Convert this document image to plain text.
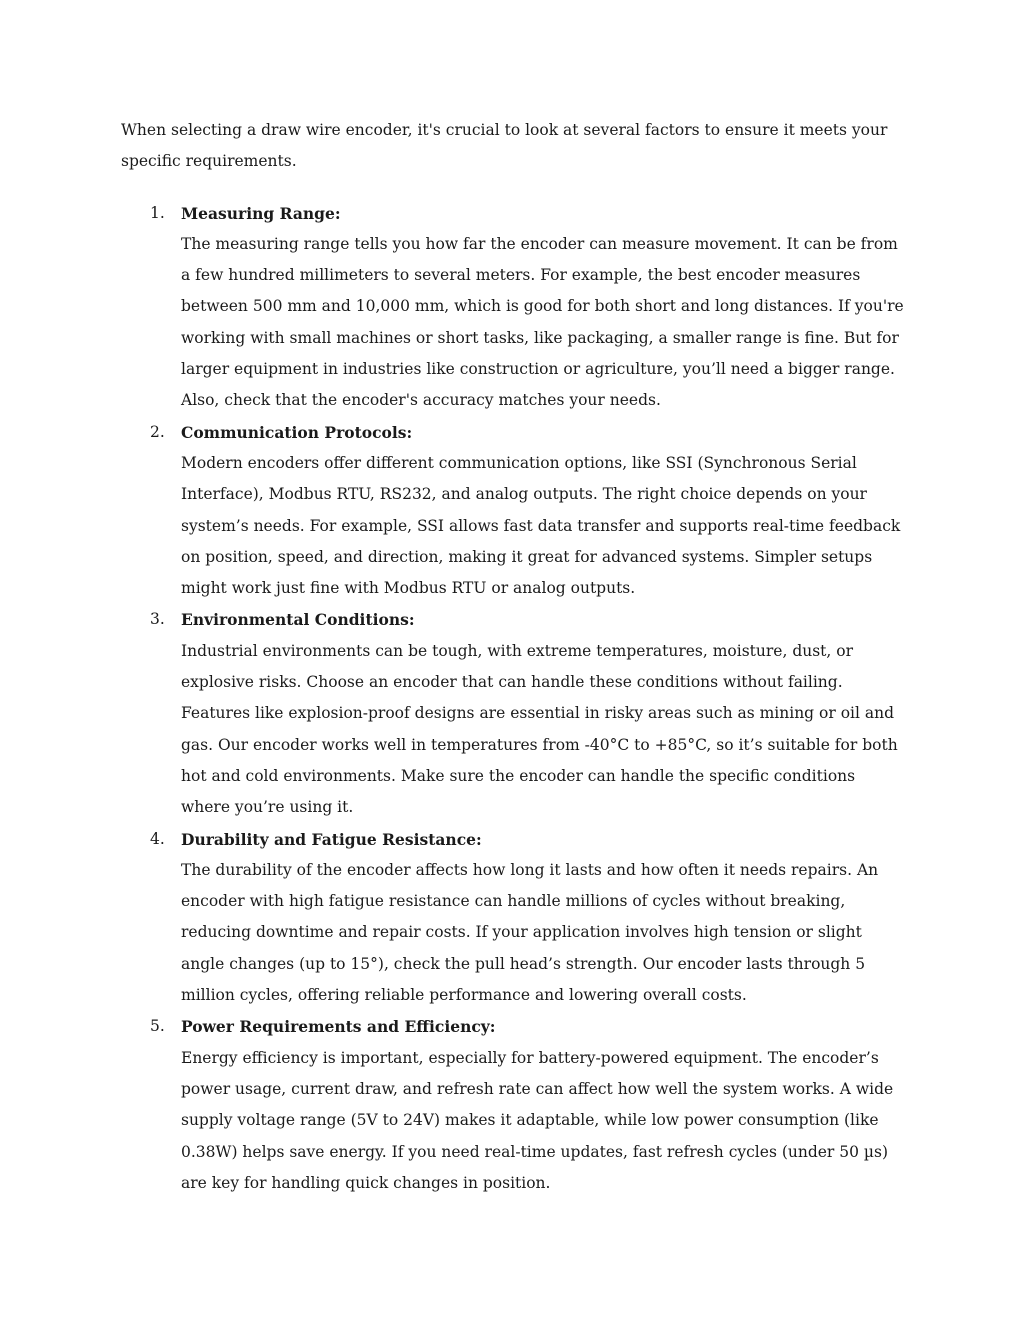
When selecting a draw wire encoder, it's crucial to look at several factors to ensure it meets your specific requirements.

1. Measuring Range:
The measuring range tells you how far the encoder can measure movement. It can be from a few hundred millimeters to several meters. For example, the best encoder measures between 500 mm and 10,000 mm, which is good for both short and long distances. If you're working with small machines or short tasks, like packaging, a smaller range is fine. But for larger equipment in industries like construction or agriculture, you’ll need a bigger range. Also, check that the encoder's accuracy matches your needs.
2. Communication Protocols:
Modern encoders offer different communication options, like SSI (Synchronous Serial Interface), Modbus RTU, RS232, and analog outputs. The right choice depends on your system’s needs. For example, SSI allows fast data transfer and supports real-time feedback on position, speed, and direction, making it great for advanced systems. Simpler setups might work just fine with Modbus RTU or analog outputs.
3. Environmental Conditions:
Industrial environments can be tough, with extreme temperatures, moisture, dust, or explosive risks. Choose an encoder that can handle these conditions without failing. Features like explosion-proof designs are essential in risky areas such as mining or oil and gas. Our encoder works well in temperatures from -40°C to +85°C, so it’s suitable for both hot and cold environments. Make sure the encoder can handle the specific conditions where you’re using it.
4. Durability and Fatigue Resistance:
The durability of the encoder affects how long it lasts and how often it needs repairs. An encoder with high fatigue resistance can handle millions of cycles without breaking, reducing downtime and repair costs. If your application involves high tension or slight angle changes (up to 15°), check the pull head’s strength. Our encoder lasts through 5 million cycles, offering reliable performance and lowering overall costs.
5. Power Requirements and Efficiency:
Energy efficiency is important, especially for battery-powered equipment. The encoder’s power usage, current draw, and refresh rate can affect how well the system works. A wide supply voltage range (5V to 24V) makes it adaptable, while low power consumption (like 0.38W) helps save energy. If you need real-time updates, fast refresh cycles (under 50 µs) are key for handling quick changes in position.
